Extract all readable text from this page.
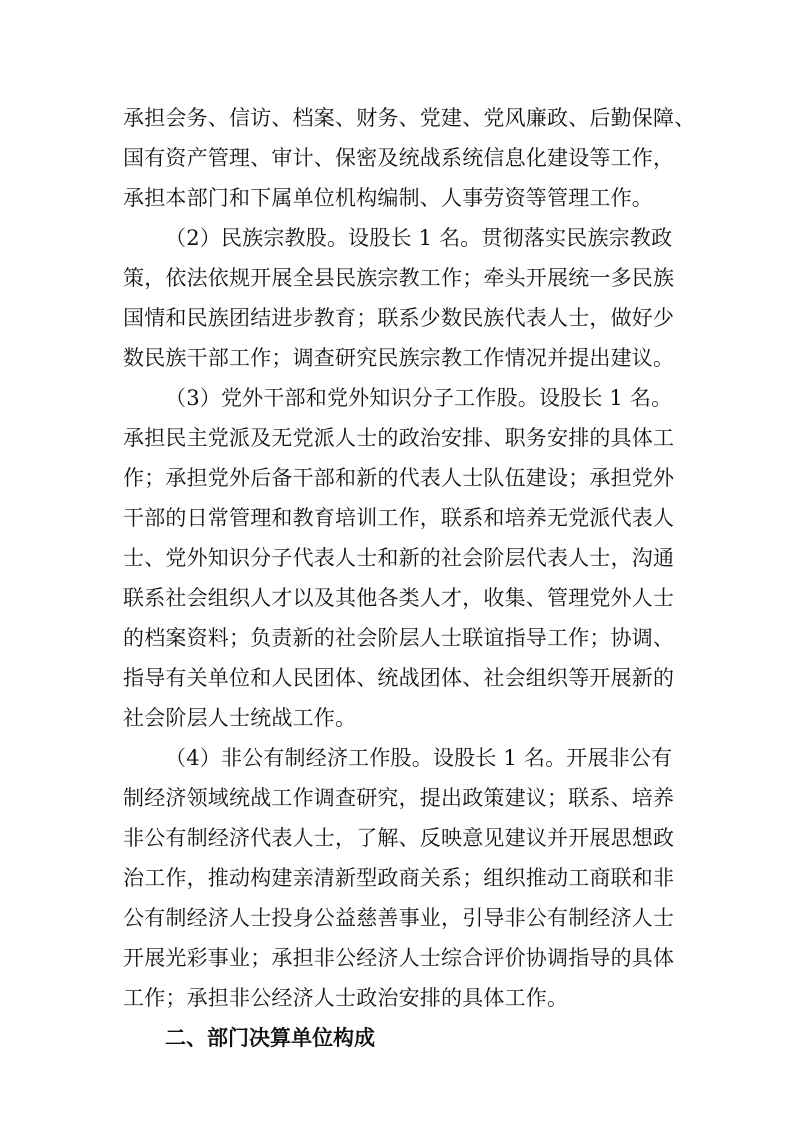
承担会务、信访、档案、财务、党建、党风廉政、后勤保障、
国有资产管理、审计、保密及统战系统信息化建设等工作，
承担本部门和下属单位机构编制、人事劳资等管理工作。
（2）民族宗教股。设股长 1 名。贯彻落实民族宗教政
策，依法依规开展全县民族宗教工作；牵头开展统一多民族
国情和民族团结进步教育；联系少数民族代表人士，做好少
数民族干部工作；调查研究民族宗教工作情况并提出建议。
（3）党外干部和党外知识分子工作股。设股长 1 名。
承担民主党派及无党派人士的政治安排、职务安排的具体工
作；承担党外后备干部和新的代表人士队伍建设；承担党外
干部的日常管理和教育培训工作，联系和培养无党派代表人
士、党外知识分子代表人士和新的社会阶层代表人士，沟通
联系社会组织人才以及其他各类人才，收集、管理党外人士
的档案资料；负责新的社会阶层人士联谊指导工作；协调、
指导有关单位和人民团体、统战团体、社会组织等开展新的
社会阶层人士统战工作。
（4）非公有制经济工作股。设股长 1 名。开展非公有
制经济领域统战工作调查研究，提出政策建议；联系、培养
非公有制经济代表人士，了解、反映意见建议并开展思想政
治工作，推动构建亲清新型政商关系；组织推动工商联和非
公有制经济人士投身公益慈善事业，引导非公有制经济人士
开展光彩事业；承担非公经济人士综合评价协调指导的具体
工作；承担非公经济人士政治安排的具体工作。
二、部门决算单位构成
